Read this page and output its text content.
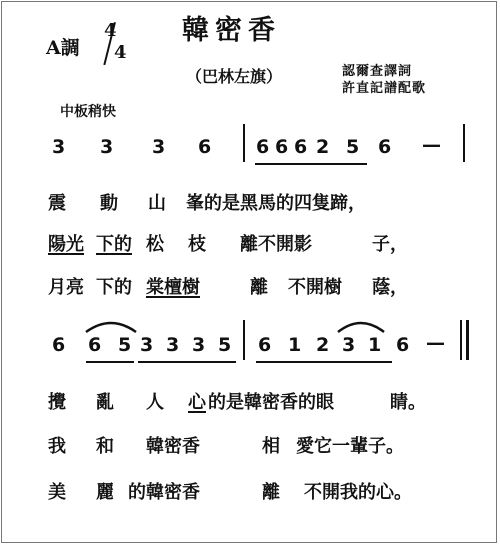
韓密香
A調
4
4
（巴林左旗）	認爾查譯詞
許直記譜配歌
中板稍快
3 3 3 6 6 6 6 2 5 6 —
震 動 山 峯的是黑馬的四隻蹄，
陽光 下的 松 枝 離不開影	子，
月亮 下的 棠檀樹	離 不開樹 蔭，
6 6 5 3 3 3 5 6 1 2 3 1 6 —
攪 亂 人 心 的是韓密香的眼	睛。
我 和 韓密香	相 愛它一輩子。
美 麗 的韓密香	離 不開我的心。
